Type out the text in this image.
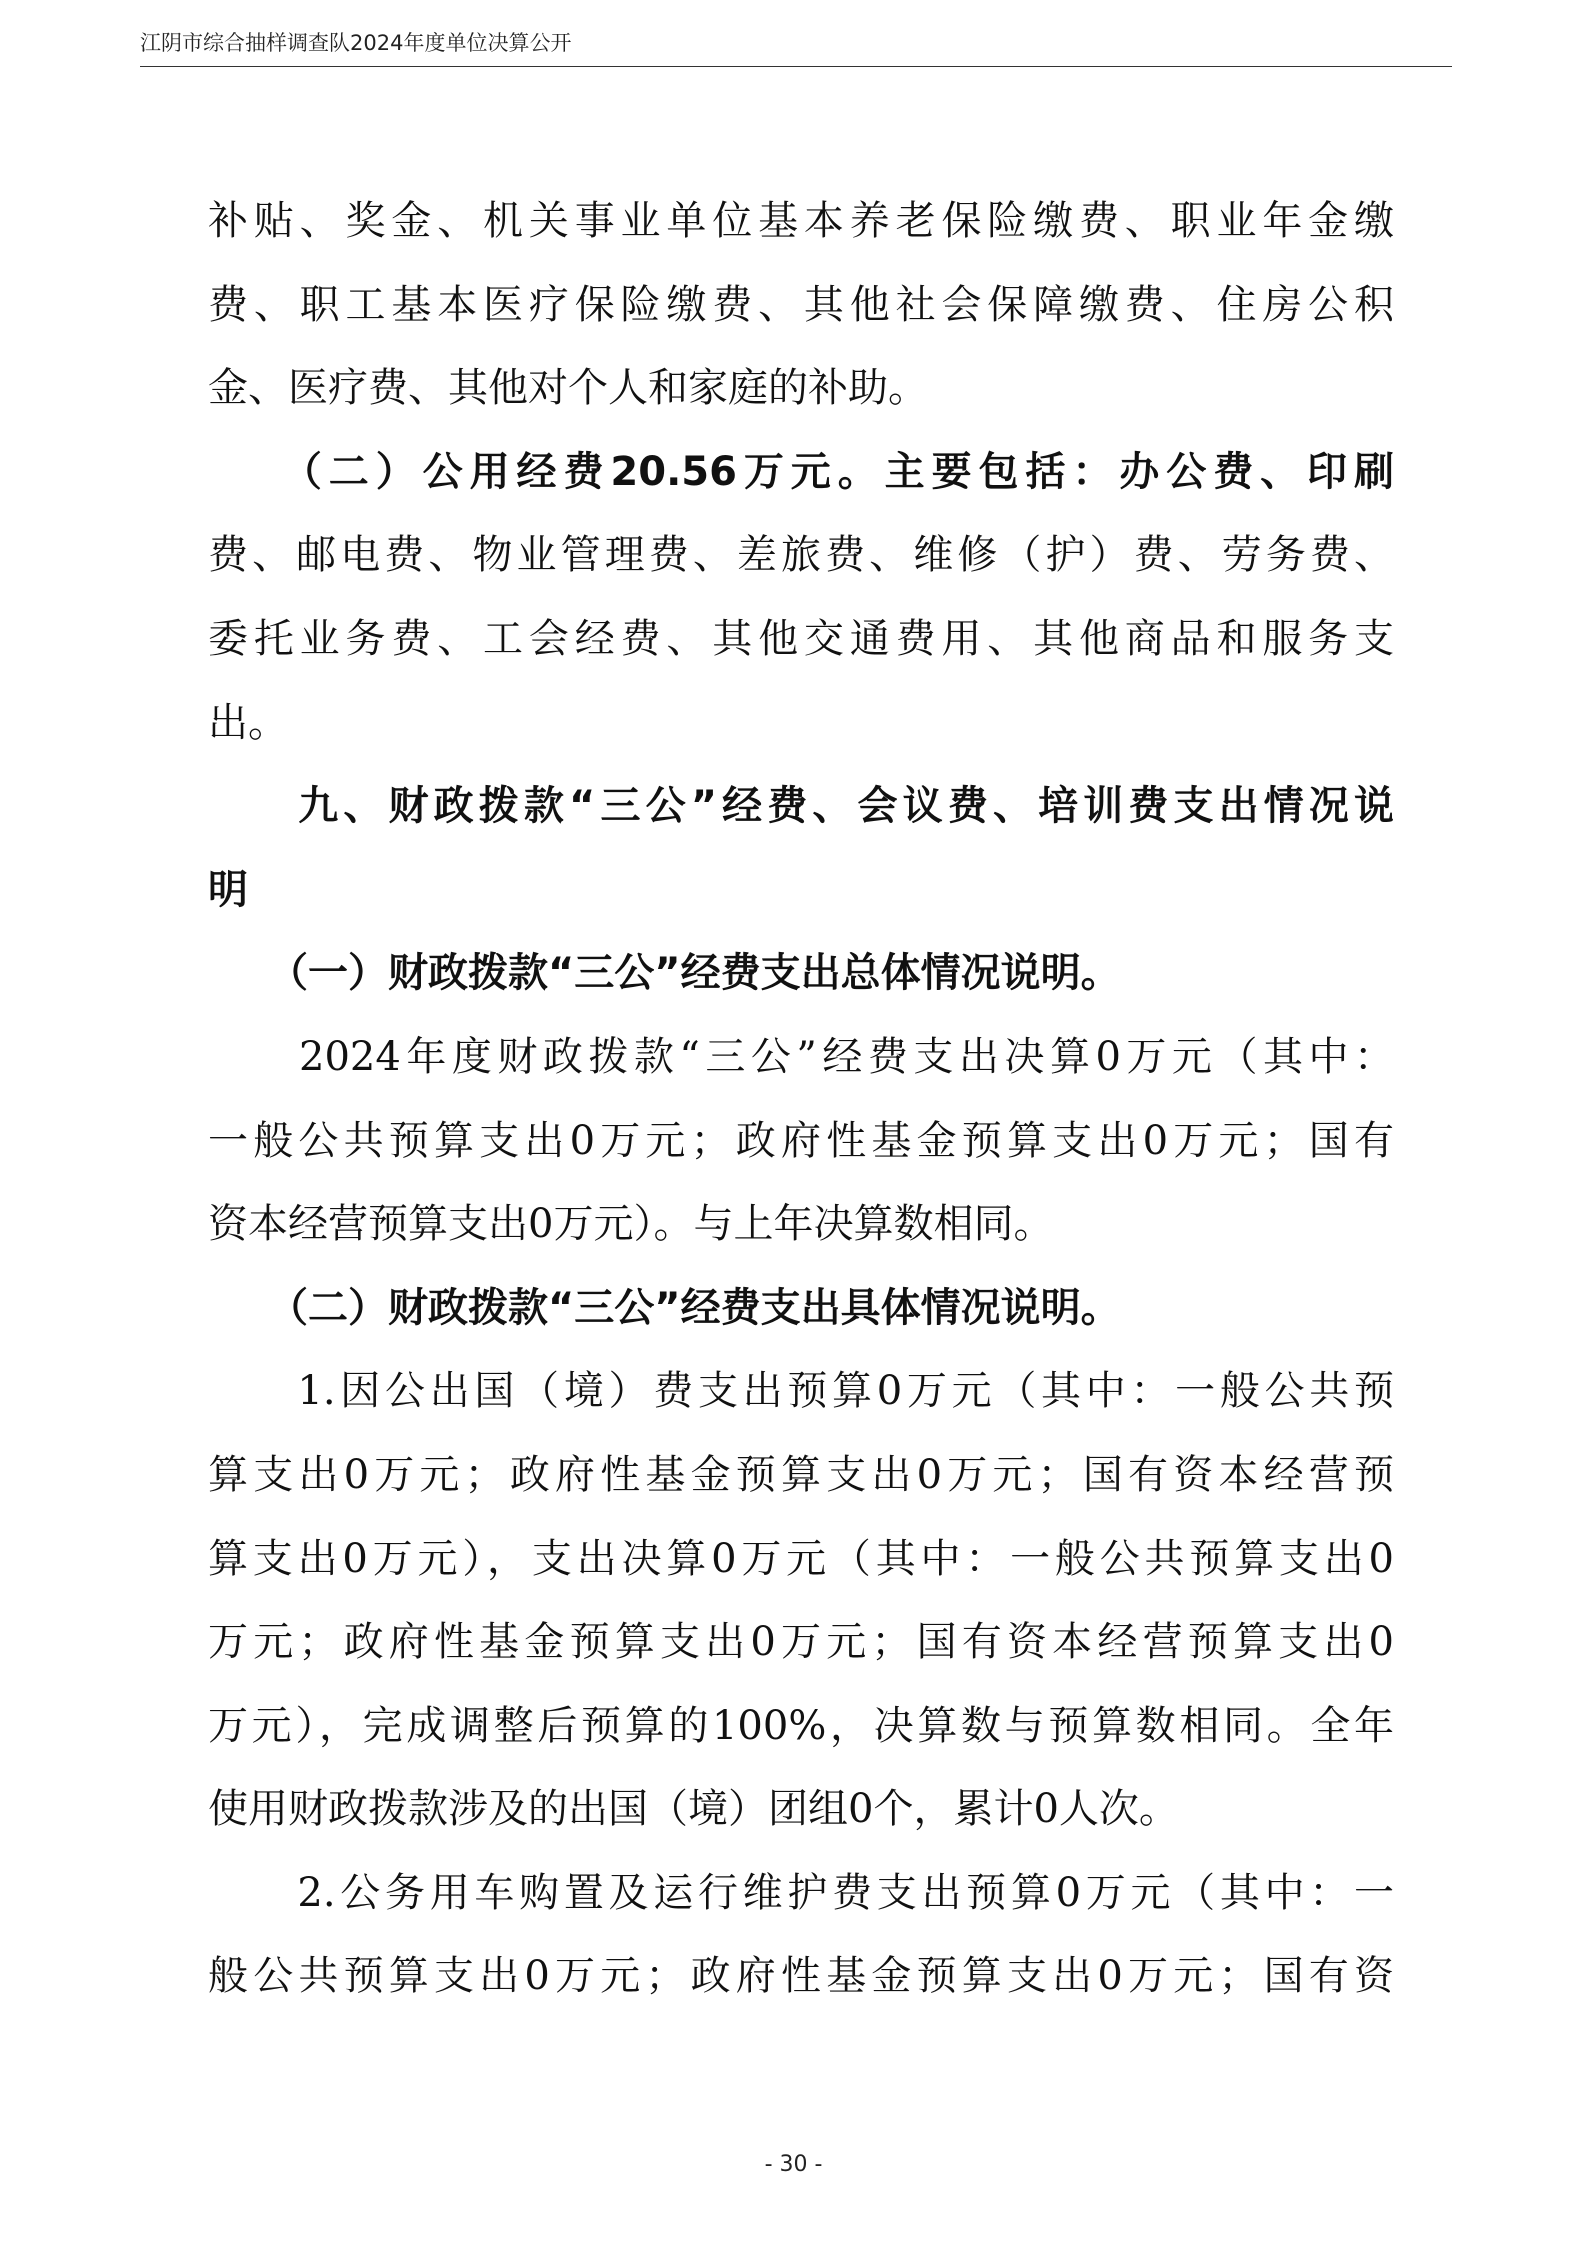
江阴市综合抽样调查队2024年度单位决算公开
补贴、奖金、机关事业单位基本养老保险缴费、职业年金缴
费、职工基本医疗保险缴费、其他社会保障缴费、住房公积
金、医疗费、其他对个人和家庭的补助。
　　（二）公用经费20.56万元。主要包括：办公费、印刷
费、邮电费、物业管理费、差旅费、维修（护）费、劳务费、
委托业务费、工会经费、其他交通费用、其他商品和服务支
出。
　　九、财政拨款“三公”经费、会议费、培训费支出情况说
明
　　（一）财政拨款“三公”经费支出总体情况说明。
　　2024年度财政拨款“三公”经费支出决算0万元（其中：
一般公共预算支出0万元；政府性基金预算支出0万元；国有
资本经营预算支出0万元）。与上年决算数相同。
　　（二）财政拨款“三公”经费支出具体情况说明。
　　1.因公出国（境）费支出预算0万元（其中：一般公共预
算支出0万元；政府性基金预算支出0万元；国有资本经营预
算支出0万元），支出决算0万元（其中：一般公共预算支出0
万元；政府性基金预算支出0万元；国有资本经营预算支出0
万元），完成调整后预算的100%，决算数与预算数相同。全年
使用财政拨款涉及的出国（境）团组0个，累计0人次。
　　2.公务用车购置及运行维护费支出预算0万元（其中：一
般公共预算支出0万元；政府性基金预算支出0万元；国有资
- 30 -
